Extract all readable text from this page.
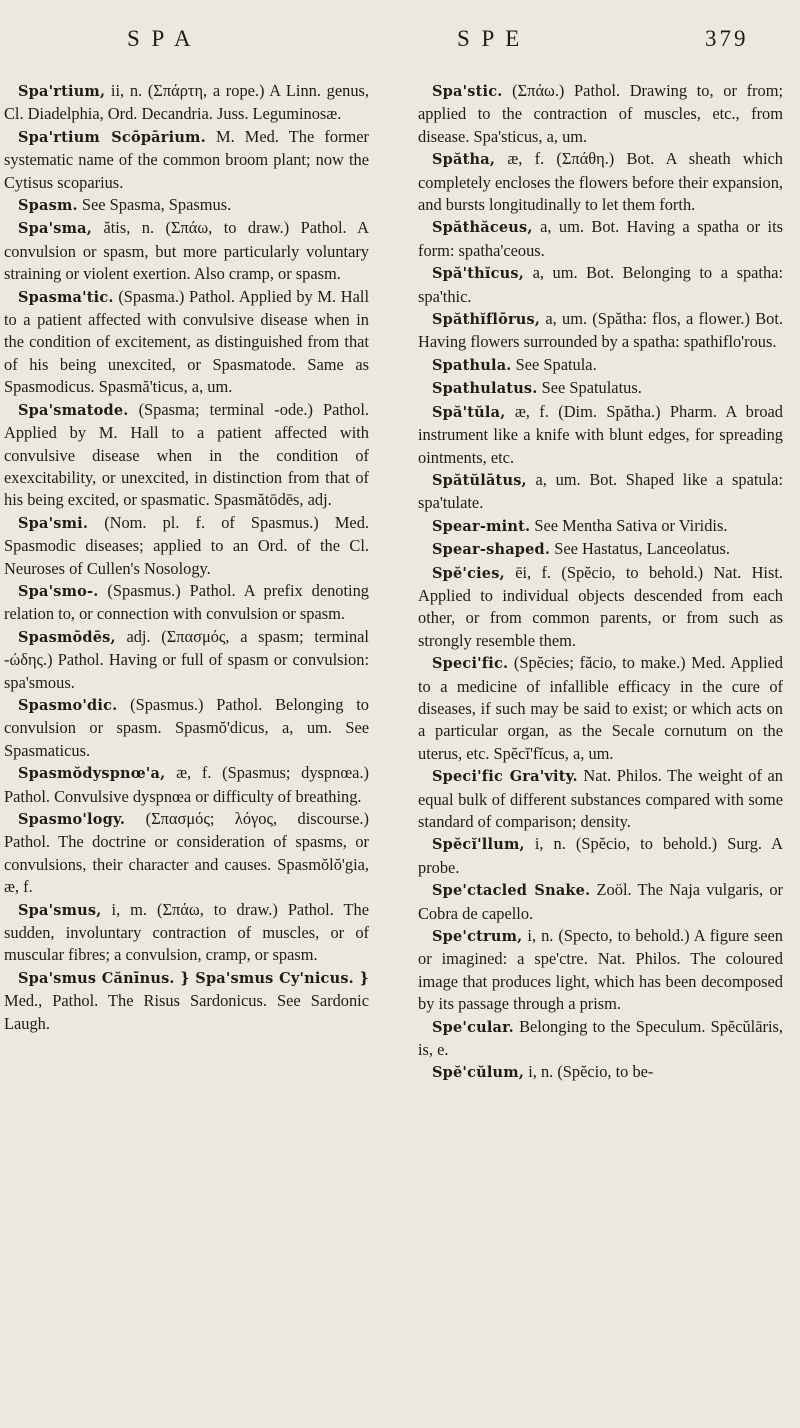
S P A	S P E	379

Spa'rtium, ii, n. (Σπάρτη, a rope.) A Linn. genus, Cl. Diadelphia, Ord. Decandria. Juss. Leguminosæ.

Spa'rtium Scōpārium. M. Med. The former systematic name of the common broom plant; now the Cytisus scoparius.

Spasm. See Spasma, Spasmus.

Spa'sma, ătis, n. (Σπάω, to draw.) Pathol. A convulsion or spasm, but more particularly voluntary straining or violent exertion. Also cramp, or spasm.

Spasma'tic. (Spasma.) Pathol. Applied by M. Hall to a patient affected with convulsive disease when in the condition of excitement, as distinguished from that of his being unexcited, or Spasmatode. Same as Spasmodicus. Spasmă'ticus, a, um.

Spa'smatode. (Spasma; terminal -ode.) Pathol. Applied by M. Hall to a patient affected with convulsive disease when in the condition of exexcitability, or unexcited, in distinction from that of his being excited, or spasmatic. Spasmătōdēs, adj.

Spa'smi. (Nom. pl. f. of Spasmus.) Med. Spasmodic diseases; applied to an Ord. of the Cl. Neuroses of Cullen's Nosology.

Spa'smo-. (Spasmus.) Pathol. A prefix denoting relation to, or connection with convulsion or spasm.

Spasmōdēs, adj. (Σπασμός, a spasm; terminal -ώδης.) Pathol. Having or full of spasm or convulsion: spa'smous.

Spasmo'dic. (Spasmus.) Pathol. Belonging to convulsion or spasm. Spasmŏ'dicus, a, um. See Spasmaticus.

Spasmŏdyspnœ'a, æ, f. (Spasmus; dyspnœa.) Pathol. Convulsive dyspnœa or difficulty of breathing.

Spasmo'logy. (Σπασμός; λόγος, discourse.) Pathol. The doctrine or consideration of spasms, or convulsions, their character and causes. Spasmŏlŏ'gia, æ, f.

Spa'smus, i, m. (Σπάω, to draw.) Pathol. The sudden, involuntary contraction of muscles, or of muscular fibres; a convulsion, cramp, or spasm.

Spa'smus Cănīnus. } Spa'smus Cy'nicus. } Med., Pathol. The Risus Sardonicus. See Sardonic Laugh.

Spa'stic. (Σπάω.) Pathol. Drawing to, or from; applied to the contraction of muscles, etc., from disease. Spa'sticus, a, um.

Spătha, æ, f. (Σπάθη.) Bot. A sheath which completely encloses the flowers before their expansion, and bursts longitudinally to let them forth.

Spăthăceus, a, um. Bot. Having a spatha or its form: spatha'ceous.

Spă'thĭcus, a, um. Bot. Belonging to a spatha: spa'thic.

Spăthĭflōrus, a, um. (Spătha: flos, a flower.) Bot. Having flowers surrounded by a spatha: spathiflo'rous.

Spathula. See Spatula.

Spathulatus. See Spatulatus.

Spă'tŭla, æ, f. (Dim. Spătha.) Pharm. A broad instrument like a knife with blunt edges, for spreading ointments, etc.

Spătŭlātus, a, um. Bot. Shaped like a spatula: spa'tulate.

Spear-mint. See Mentha Sativa or Viridis.

Spear-shaped. See Hastatus, Lanceolatus.

Spĕ'cies, ēi, f. (Spĕcio, to behold.) Nat. Hist. Applied to individual objects descended from each other, or from common parents, or from such as strongly resemble them.

Speci'fic. (Spĕcies; făcio, to make.) Med. Applied to a medicine of infallible efficacy in the cure of diseases, if such may be said to exist; or which acts on a particular organ, as the Secale cornutum on the uterus, etc. Spĕcĭ'fĭcus, a, um.

Speci'fic Gra'vity. Nat. Philos. The weight of an equal bulk of different substances compared with some standard of comparison; density.

Spĕcĭ'llum, i, n. (Spĕcio, to behold.) Surg. A probe.

Spe'ctacled Snake. Zoöl. The Naja vulgaris, or Cobra de capello.

Spe'ctrum, i, n. (Specto, to behold.) A figure seen or imagined: a spe'ctre. Nat. Philos. The coloured image that produces light, which has been decomposed by its passage through a prism.

Spe'cular. Belonging to the Speculum. Spĕcŭlāris, is, e.

Spĕ'cŭlum, i, n. (Spĕcio, to be-
